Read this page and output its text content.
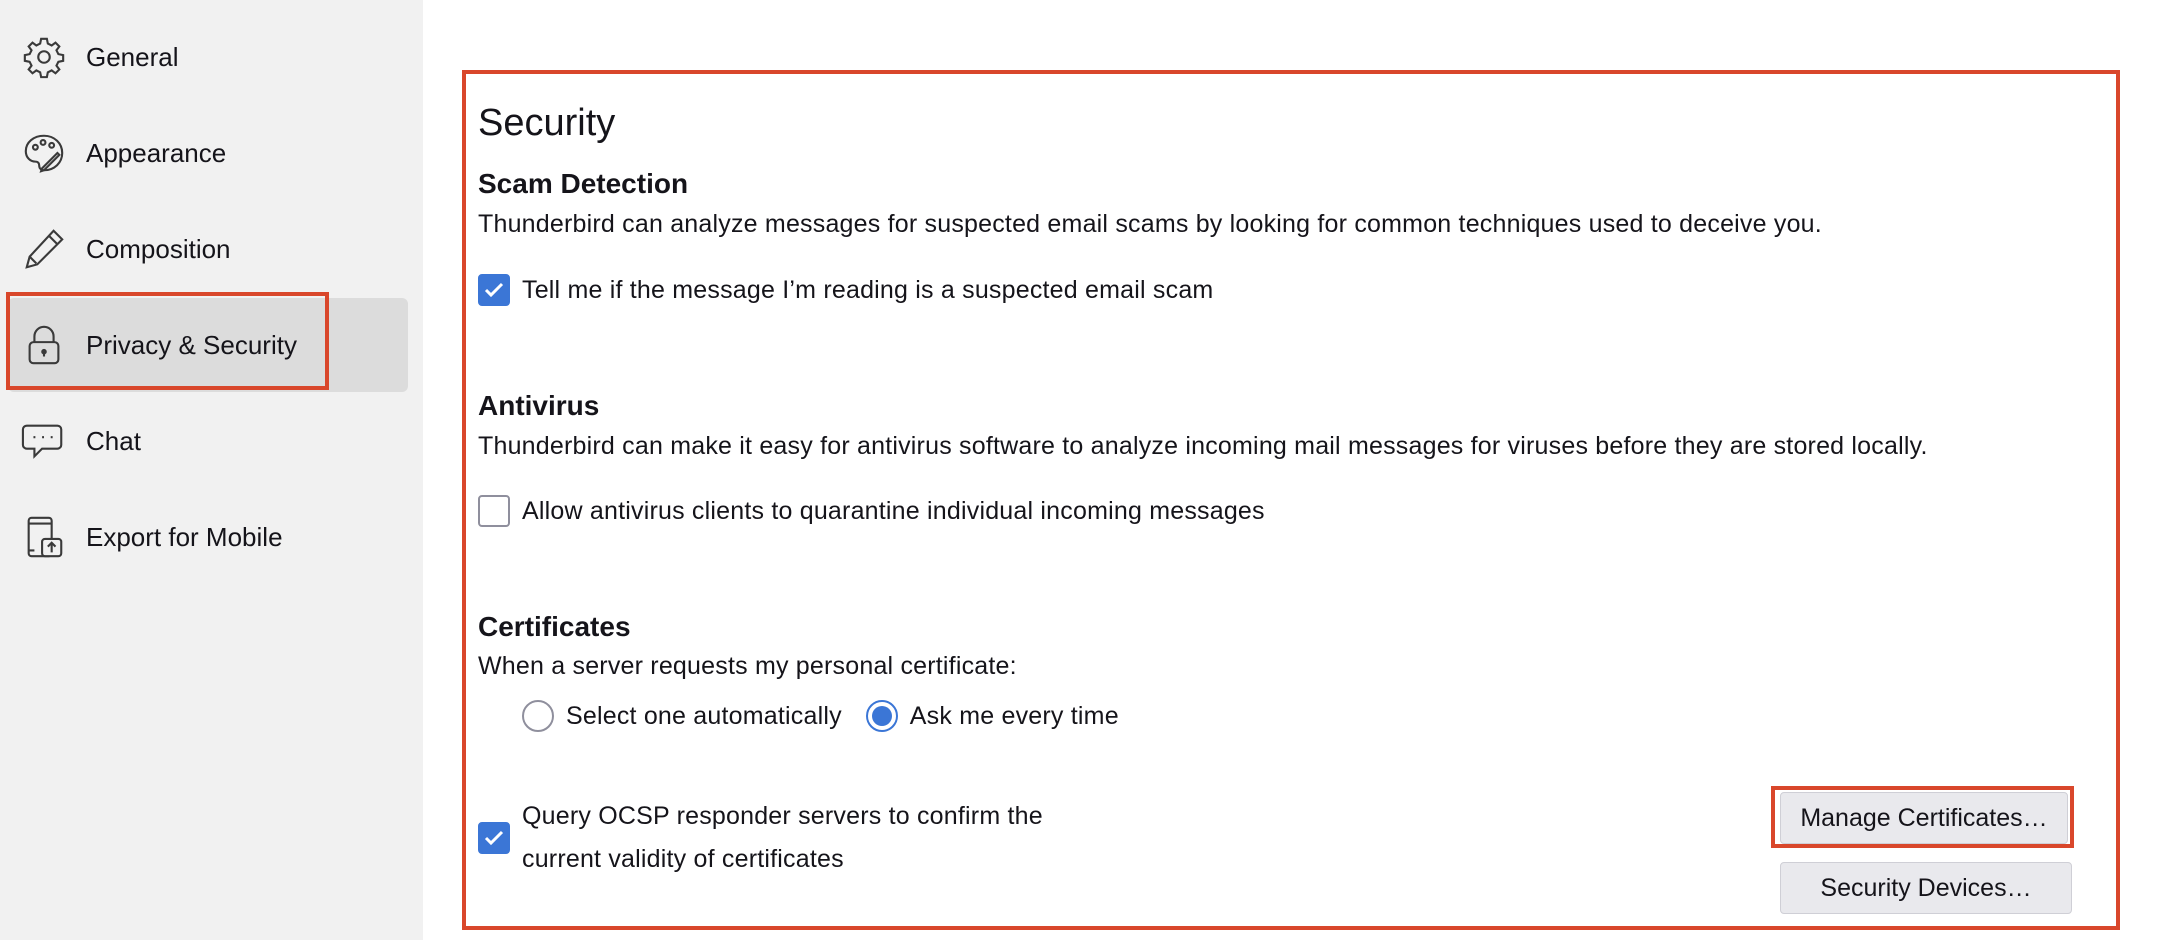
General
Appearance
Composition
Privacy & Security
Chat
Export for Mobile
Security
Scam Detection

Thunderbird can analyze messages for suspected email scams by looking for common techniques used to deceive you.

Tell me if the message I’m reading is a suspected email scam
Antivirus

Thunderbird can make it easy for antivirus software to analyze incoming mail messages for viruses before they are stored locally.

Allow antivirus clients to quarantine individual incoming messages
Certificates

When a server requests my personal certificate:

Select one automatically	Ask me every time
Query OCSP responder servers to confirm the
current validity of certificates
Manage Certificates…
Security Devices…
